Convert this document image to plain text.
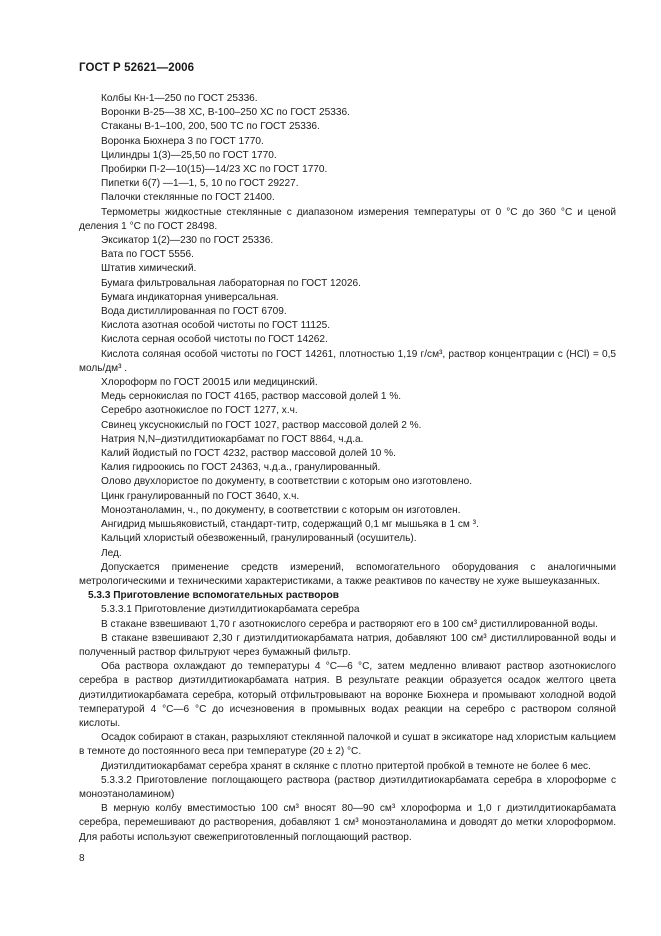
ГОСТ Р 52621—2006

Колбы Кн-1—250 по ГОСТ 25336.

Воронки В-25—38 ХС, В-100–250 ХС по ГОСТ 25336.

Стаканы В-1–100, 200, 500 ТС по ГОСТ 25336.

Воронка Бюхнера 3 по ГОСТ 1770.

Цилиндры 1(3)—25,50 по ГОСТ 1770.

Пробирки П-2—10(15)—14/23 ХС по ГОСТ 1770.

Пипетки 6(7) —1—1, 5, 10 по ГОСТ 29227.

Палочки стеклянные по ГОСТ 21400.

Термометры жидкостные стеклянные с диапазоном измерения температуры от 0 °С до 360 °С и ценой деления 1 °С по ГОСТ 28498.

Эксикатор 1(2)—230 по ГОСТ 25336.

Вата по ГОСТ 5556.

Штатив химический.

Бумага фильтровальная лабораторная по ГОСТ 12026.

Бумага индикаторная универсальная.

Вода дистиллированная по ГОСТ 6709.

Кислота азотная особой чистоты по ГОСТ 11125.

Кислота серная особой чистоты по ГОСТ 14262.

Кислота соляная особой чистоты по ГОСТ 14261, плотностью 1,19 г/см³, раствор концентрации с (HCl) = 0,5 моль/дм³ .

Хлороформ по ГОСТ 20015 или медицинский.

Медь сернокислая по ГОСТ 4165, раствор массовой долей 1 %.

Серебро азотнокислое по ГОСТ 1277, х.ч.

Свинец уксуснокислый по ГОСТ 1027, раствор массовой долей 2 %.

Натрия N,N–диэтилдитиокарбамат по ГОСТ 8864, ч.д.а.

Калий йодистый по ГОСТ 4232, раствор массовой долей 10 %.

Калия гидроокись по ГОСТ 24363, ч.д.а., гранулированный.

Олово двухлористое по документу, в соответствии с которым оно изготовлено.

Цинк гранулированный по ГОСТ 3640, х.ч.

Моноэтаноламин, ч., по документу, в соответствии с которым он изготовлен.

Ангидрид мышьяковистый, стандарт-титр, содержащий 0,1 мг мышьяка в 1 см ³.

Кальций хлористый обезвоженный, гранулированный (осушитель).

Лед.

Допускается применение средств измерений, вспомогательного оборудования с аналогичными метрологическими и техническими характеристиками, а также реактивов по качеству не хуже вышеуказанных.

5.3.3 Приготовление вспомогательных растворов

5.3.3.1 Приготовление диэтилдитиокарбамата серебра

В стакане взвешивают 1,70 г азотнокислого серебра и растворяют его в 100 см³ дистиллированной воды.

В стакане взвешивают 2,30 г диэтилдитиокарбамата натрия, добавляют 100 см³ дистиллированной воды и полученный раствор фильтруют через бумажный фильтр.

Оба раствора охлаждают до температуры 4 °С—6 °С, затем медленно вливают раствор азотнокислого серебра в раствор диэтилдитиокарбамата натрия. В результате реакции образуется осадок желтого цвета диэтилдитиокарбамата серебра, который отфильтровывают на воронке Бюхнера и промывают холодной водой температурой 4 °С—6 °С до исчезновения в промывных водах реакции на серебро с раствором соляной кислоты.

Осадок собирают в стакан, разрыхляют стеклянной палочкой и сушат в эксикаторе над хлористым кальцием в темноте до постоянного веса при температуре (20 ± 2) °С.

Диэтилдитиокарбамат серебра хранят в склянке с плотно притертой пробкой в темноте не более 6 мес.

5.3.3.2 Приготовление поглощающего раствора (раствор диэтилдитиокарбамата серебра в хлороформе с моноэтаноламином)

В мерную колбу вместимостью 100 см³ вносят 80—90 см³ хлороформа и 1,0 г диэтилдитиокарбамата серебра, перемешивают до растворения, добавляют 1 см³ моноэтаноламина и доводят до метки хлороформом. Для работы используют свежеприготовленный поглощающий раствор.

8
